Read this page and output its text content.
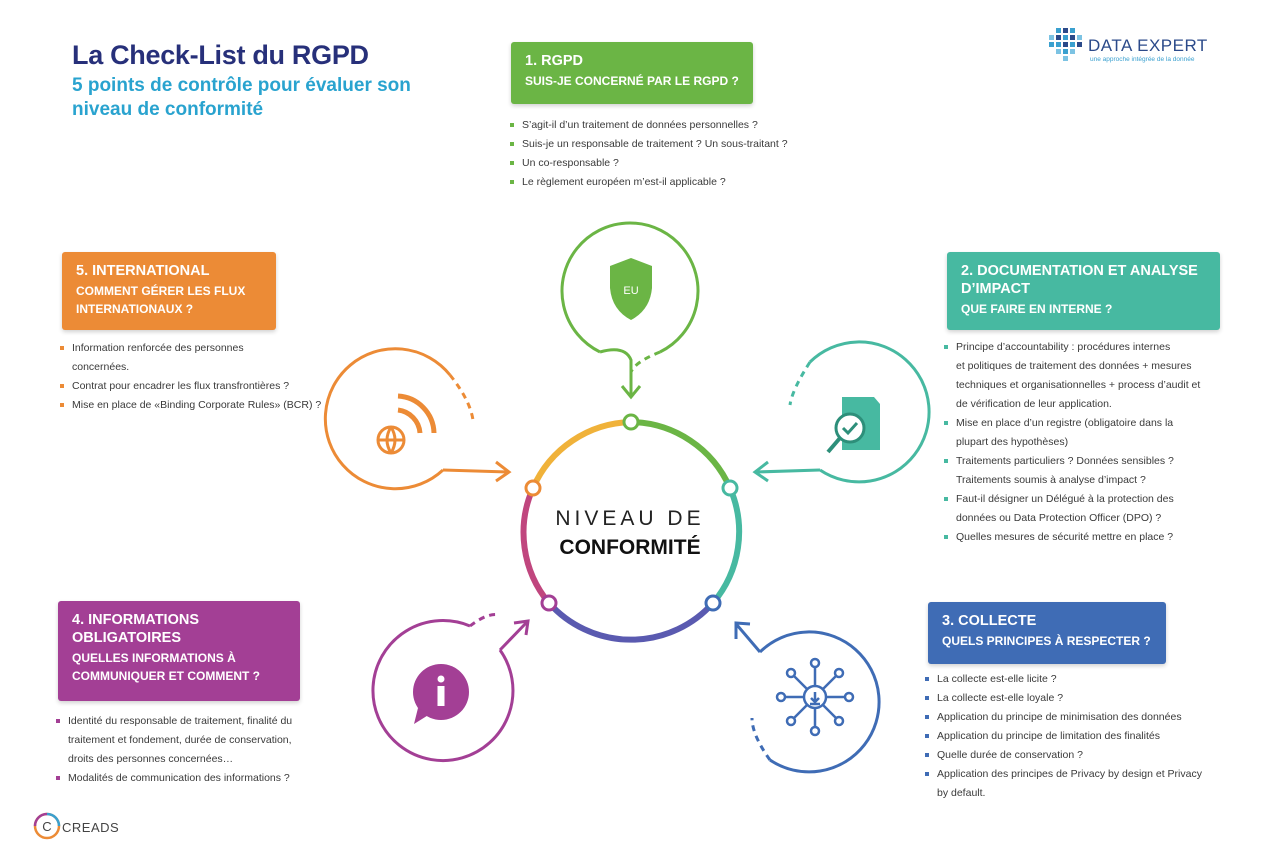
La Check-List du RGPD
5 points de contrôle pour évaluer son niveau de conformité
DATA EXPERT
une approche intégrée de la donnée
1. RGPD
SUIS-JE CONCERNÉ PAR LE RGPD ?
S’agit-il d’un traitement de données personnelles ?
Suis-je un responsable de traitement ? Un sous-traitant ?
Un co-responsable ?
Le règlement européen m’est-il applicable ?
5. INTERNATIONAL
COMMENT GÉRER LES FLUX
INTERNATIONAUX ?
Information renforcée des personnes
concernées.
Contrat pour encadrer les flux transfrontières ?
Mise en place de «Binding Corporate Rules» (BCR) ?
2. DOCUMENTATION ET ANALYSE
D’IMPACT
QUE FAIRE EN INTERNE ?
Principe d’accountability : procédures internes
et politiques de traitement des données + mesures
techniques et organisationnelles + process d’audit et
de vérification de leur application.
Mise en place d’un registre (obligatoire dans la
plupart des hypothèses)
Traitements particuliers ? Données sensibles ?
Traitements soumis à analyse d’impact ?
Faut-il désigner un Délégué à la protection des
données ou Data Protection Officer (DPO) ?
Quelles mesures de sécurité mettre en place ?
4. INFORMATIONS
OBLIGATOIRES
QUELLES INFORMATIONS À
COMMUNIQUER ET COMMENT ?
Identité du responsable de traitement, finalité du
traitement et fondement, durée de conservation,
droits des personnes concernées…
Modalités de communication des informations ?
3. COLLECTE
QUELS PRINCIPES À RESPECTER ?
La collecte est-elle licite ?
La collecte est-elle loyale ?
Application du principe de minimisation des données
Application du principe de limitation des finalités
Quelle durée de conservation ?
Application des principes de Privacy by design et Privacy
by default.
EU
C
NIVEAU DE
CONFORMITÉ
CREADS
